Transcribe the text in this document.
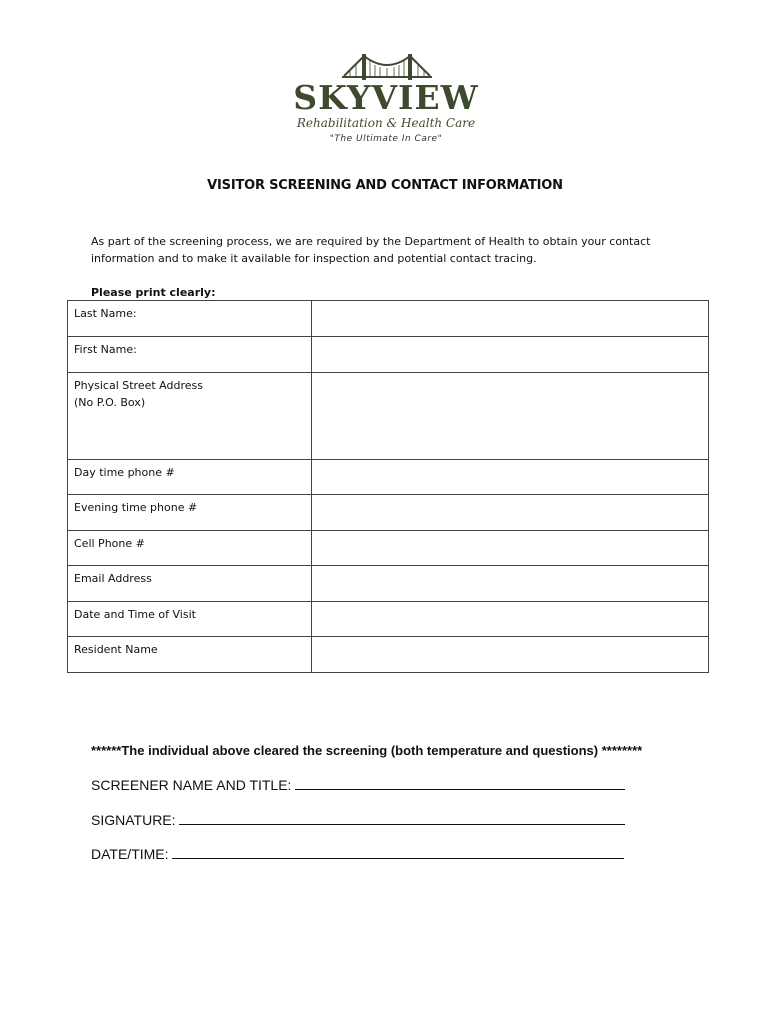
SKYVIEW
Rehabilitation & Health Care
"The Ultimate In Care"
VISITOR SCREENING AND CONTACT INFORMATION
As part of the screening process, we are required by the Department of Health to obtain your contact
information and to make it available for inspection and potential contact tracing.
Please print clearly:
Last Name:	
First Name:	

Physical Street Address
(No P.O. Box)	

Day time phone #	
Evening time phone #	
Cell Phone #	
Email Address	
Date and Time of Visit	
Resident Name	
******The individual above cleared the screening (both temperature and questions) ********
SCREENER NAME AND TITLE:
SIGNATURE:
DATE/TIME:
